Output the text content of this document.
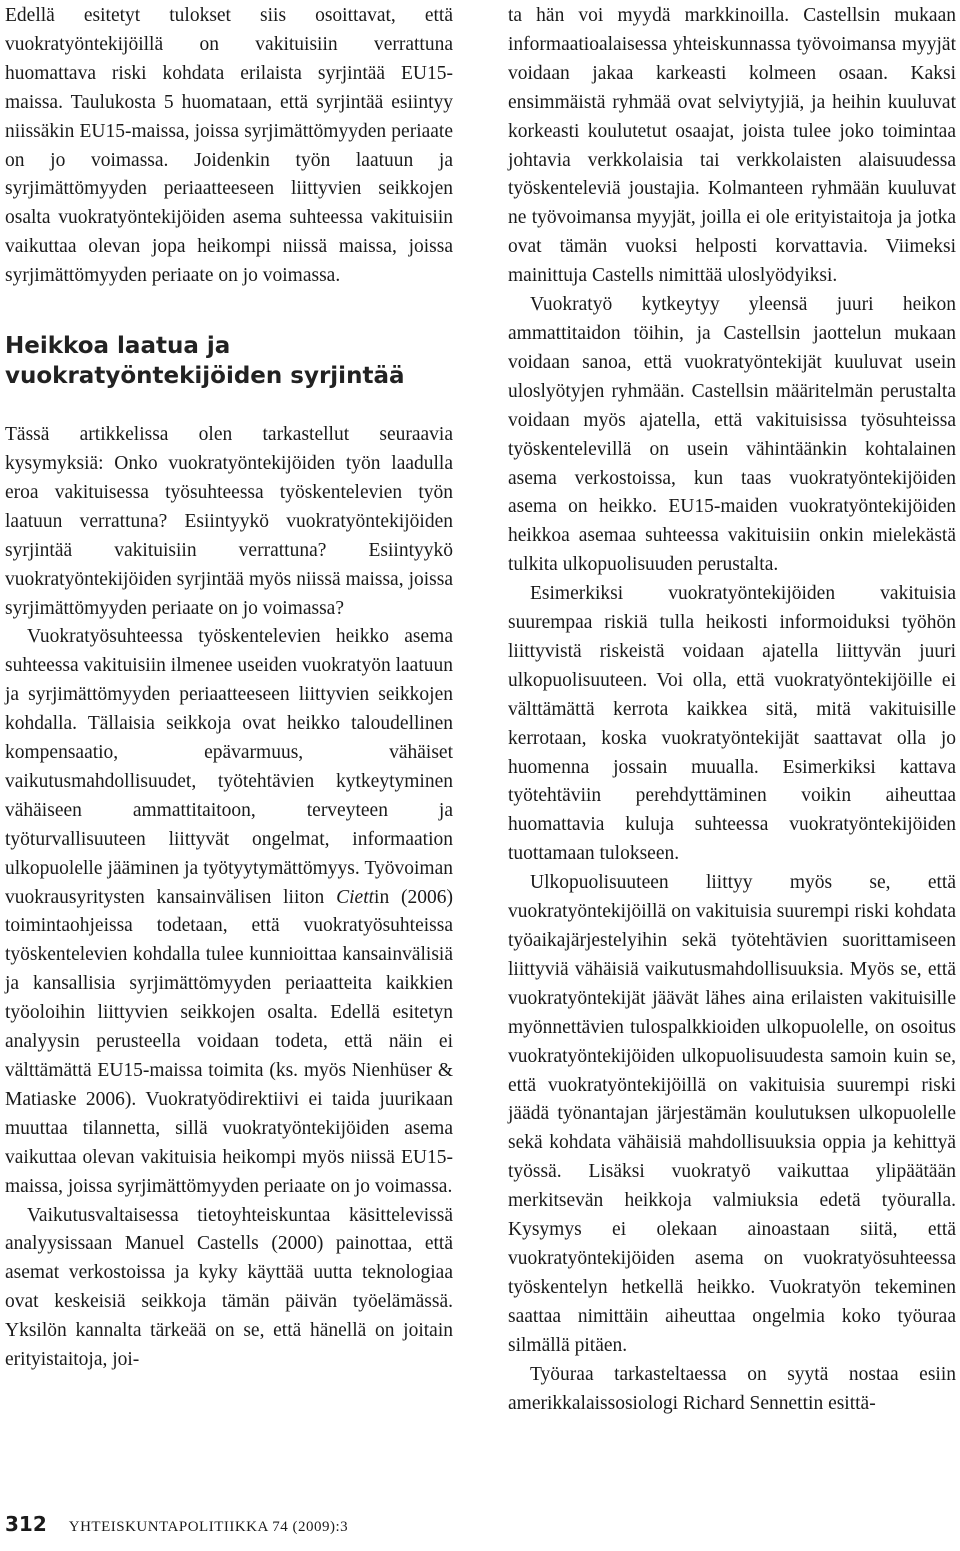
Edellä esitetyt tulokset siis osoittavat, että vuokratyöntekijöillä on vakituisiin verrattuna huomattava riski kohdata erilaista syrjintää EU15-maissa. Taulukosta 5 huomataan, että syrjintää esiintyy niissäkin EU15-maissa, joissa syrjimättömyyden periaate on jo voimassa. Joidenkin työn laatuun ja syrjimättömyyden periaatteeseen liittyvien seikkojen osalta vuokratyöntekijöiden asema suhteessa vakituisiin vaikuttaa olevan jopa heikompi niissä maissa, joissa syrjimättömyyden periaate on jo voimassa.

Heikkoa laatua ja vuokratyöntekijöiden syrjintää

Tässä artikkelissa olen tarkastellut seuraavia kysymyksiä: Onko vuokratyöntekijöiden työn laadulla eroa vakituisessa työsuhteessa työskentelevien työn laatuun verrattuna? Esiintyykö vuokratyöntekijöiden syrjintää vakituisiin verrattuna? Esiintyykö vuokratyöntekijöiden syrjintää myös niissä maissa, joissa syrjimättömyyden periaate on jo voimassa?

Vuokratyösuhteessa työskentelevien heikko asema suhteessa vakituisiin ilmenee useiden vuokratyön laatuun ja syrjimättömyyden periaatteeseen liittyvien seikkojen kohdalla. Tällaisia seikkoja ovat heikko taloudellinen kompensaatio, epävarmuus, vähäiset vaikutusmahdollisuudet, työtehtävien kytkeytyminen vähäiseen ammattitaitoon, terveyteen ja työturvallisuuteen liittyvät ongelmat, informaation ulkopuolelle jääminen ja työtyytymättömyys. Työvoiman vuokrausyritysten kansainvälisen liiton Ciettin (2006) toimintaohjeissa todetaan, että vuokratyösuhteissa työskentelevien kohdalla tulee kunnioittaa kansainvälisiä ja kansallisia syrjimättömyyden periaatteita kaikkien työoloihin liittyvien seikkojen osalta. Edellä esitetyn analyysin perusteella voidaan todeta, että näin ei välttämättä EU15-maissa toimita (ks. myös Nienhüser & Matiaske 2006). Vuokratyödirektiivi ei taida juurikaan muuttaa tilannetta, sillä vuokratyöntekijöiden asema vaikuttaa olevan vakituisia heikompi myös niissä EU15-maissa, joissa syrjimättömyyden periaate on jo voimassa.

Vaikutusvaltaisessa tietoyhteiskuntaa käsittelevissä analyysissaan Manuel Castells (2000) painottaa, että asemat verkostoissa ja kyky käyttää uutta teknologiaa ovat keskeisiä seikkoja tämän päivän työelämässä. Yksilön kannalta tärkeää on se, että hänellä on joitain erityistaitoja, joi-

ta hän voi myydä markkinoilla. Castellsin mukaan informaatioalaisessa yhteiskunnassa työvoimansa myyjät voidaan jakaa karkeasti kolmeen osaan. Kaksi ensimmäistä ryhmää ovat selviytyjiä, ja heihin kuuluvat korkeasti koulutetut osaajat, joista tulee joko toimintaa johtavia verkkolaisia tai verkkolaisten alaisuudessa työskenteleviä joustajia. Kolmanteen ryhmään kuuluvat ne työvoimansa myyjät, joilla ei ole erityistaitoja ja jotka ovat tämän vuoksi helposti korvattavia. Viimeksi mainittuja Castells nimittää uloslyödyiksi.

Vuokratyö kytkeytyy yleensä juuri heikon ammattitaidon töihin, ja Castellsin jaottelun mukaan voidaan sanoa, että vuokratyöntekijät kuuluvat usein uloslyötyjen ryhmään. Castellsin määritelmän perustalta voidaan myös ajatella, että vakituisissa työsuhteissa työskentelevillä on usein vähintäänkin kohtalainen asema verkostoissa, kun taas vuokratyöntekijöiden asema on heikko. EU15-maiden vuokratyöntekijöiden heikkoa asemaa suhteessa vakituisiin onkin mielekästä tulkita ulkopuolisuuden perustalta.

Esimerkiksi vuokratyöntekijöiden vakituisia suurempaa riskiä tulla heikosti informoiduksi työhön liittyvistä riskeistä voidaan ajatella liittyvän juuri ulkopuolisuuteen. Voi olla, että vuokratyöntekijöille ei välttämättä kerrota kaikkea sitä, mitä vakituisille kerrotaan, koska vuokratyöntekijät saattavat olla jo huomenna jossain muualla. Esimerkiksi kattava työtehtäviin perehdyttäminen voikin aiheuttaa huomattavia kuluja suhteessa vuokratyöntekijöiden tuottamaan tulokseen.

Ulkopuolisuuteen liittyy myös se, että vuokratyöntekijöillä on vakituisia suurempi riski kohdata työaikajärjestelyihin sekä työtehtävien suorittamiseen liittyviä vähäisiä vaikutusmahdollisuuksia. Myös se, että vuokratyöntekijät jäävät lähes aina erilaisten vakituisille myönnettävien tulospalkkioiden ulkopuolelle, on osoitus vuokratyöntekijöiden ulkopuolisuudesta samoin kuin se, että vuokratyöntekijöillä on vakituisia suurempi riski jäädä työnantajan järjestämän koulutuksen ulkopuolelle sekä kohdata vähäisiä mahdollisuuksia oppia ja kehittyä työssä. Lisäksi vuokratyö vaikuttaa ylipäätään merkitsevän heikkoja valmiuksia edetä työuralla. Kysymys ei olekaan ainoastaan siitä, että vuokratyöntekijöiden asema on vuokratyösuhteessa työskentelyn hetkellä heikko. Vuokratyön tekeminen saattaa nimittäin aiheuttaa ongelmia koko työuraa silmällä pitäen.

Työuraa tarkasteltaessa on syytä nostaa esiin amerikkalaissosiologi Richard Sennettin esittä-

312 YHTEISKUNTAPOLITIIKKA 74 (2009):3
